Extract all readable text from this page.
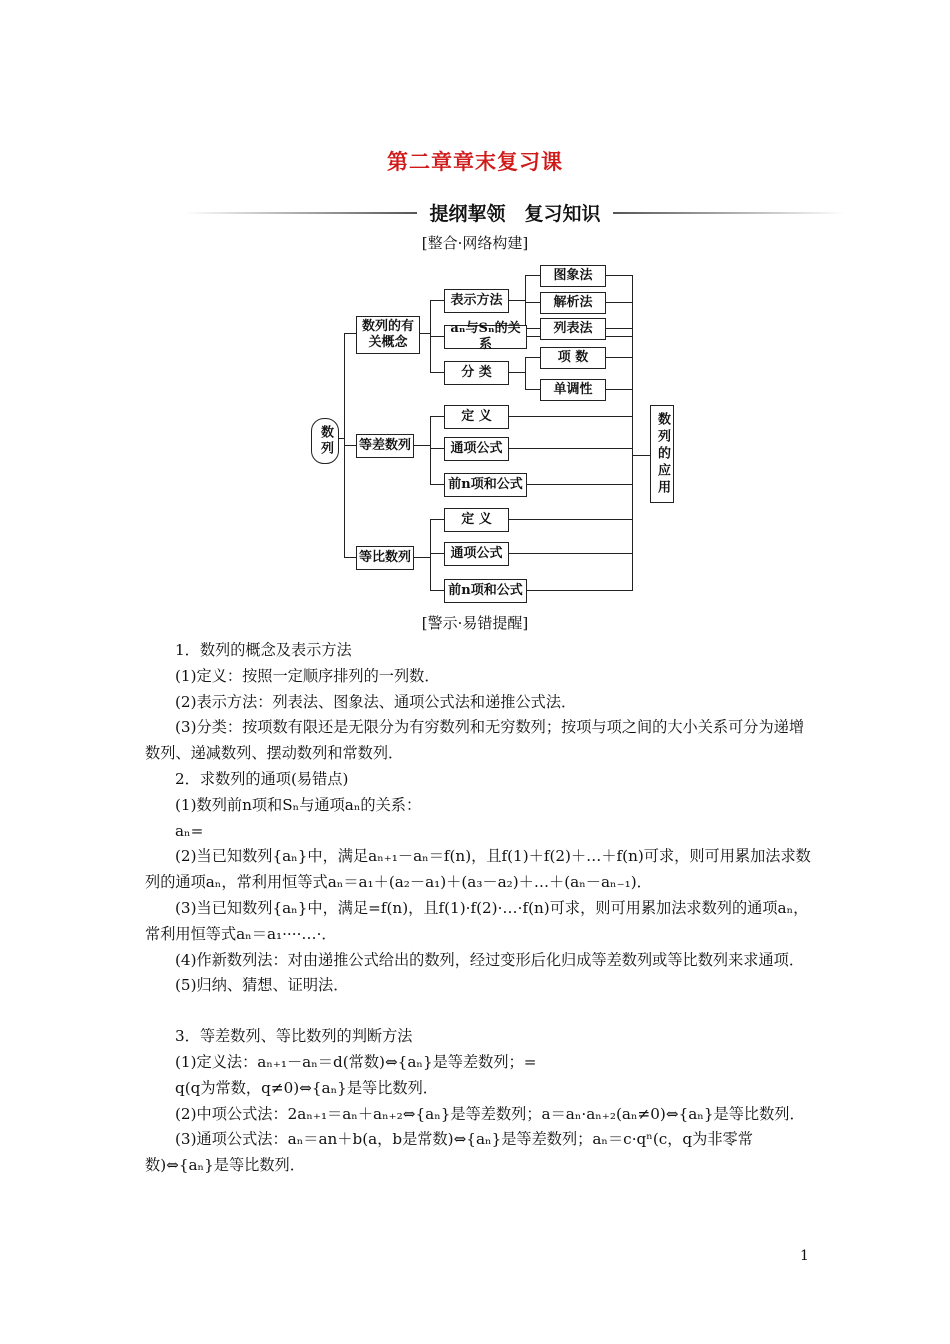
第二章章末复习课
提纲挈领　复习知识
[整合·网络构建]
数列
数列的有关概念
等差数列
等比数列
表示方法
aₙ与Sₙ的关系
分 类
图象法
解析法
列表法
项 数
单调性
定 义
通项公式
前n项和公式
定 义
通项公式
前n项和公式
数列的应用
[警示·易错提醒]
1．数列的概念及表示方法
(1)定义：按照一定顺序排列的一列数．
(2)表示方法：列表法、图象法、通项公式法和递推公式法．
(3)分类：按项数有限还是无限分为有穷数列和无穷数列；按项与项之间的大小关系可分为递增数列、递减数列、摆动数列和常数列．
2．求数列的通项(易错点)
(1)数列前n项和Sₙ与通项aₙ的关系：
aₙ=
(2)当已知数列{aₙ}中，满足aₙ₊₁－aₙ＝f(n)，且f(1)＋f(2)＋…＋f(n)可求，则可用累加法求数列的通项aₙ，常利用恒等式aₙ＝a₁＋(a₂－a₁)＋(a₃－a₂)＋…＋(aₙ－aₙ₋₁)．
(3)当已知数列{aₙ}中，满足=f(n)，且f(1)·f(2)·…·f(n)可求，则可用累加法求数列的通项aₙ，常利用恒等式aₙ＝a₁····…·．
(4)作新数列法：对由递推公式给出的数列，经过变形后化归成等差数列或等比数列来求通项．
(5)归纳、猜想、证明法．
3．等差数列、等比数列的判断方法
(1)定义法：aₙ₊₁－aₙ＝d(常数)⇔{aₙ}是等差数列；=
q(q为常数，q≠0)⇔{aₙ}是等比数列．
(2)中项公式法：2aₙ₊₁＝aₙ＋aₙ₊₂⇔{aₙ}是等差数列；a＝aₙ·aₙ₊₂(aₙ≠0)⇔{aₙ}是等比数列．
(3)通项公式法：aₙ＝an＋b(a，b是常数)⇔{aₙ}是等差数列；aₙ＝c·qⁿ(c，q为非零常数)⇔{aₙ}是等比数列．
1
